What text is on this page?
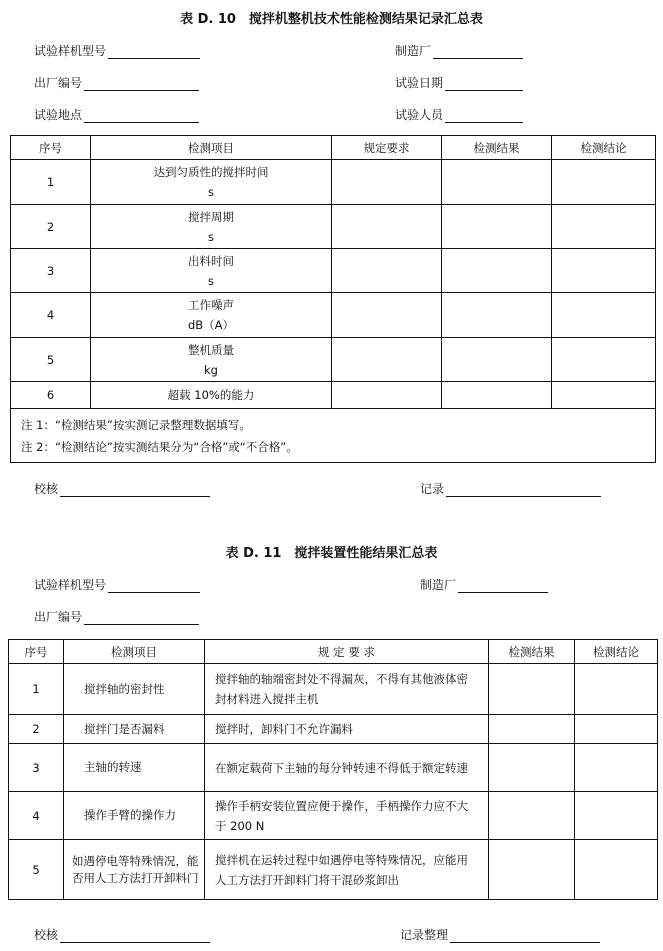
表 D. 10　搅拌机整机技术性能检测结果记录汇总表
试验样机型号	制造厂
出厂编号	试验日期
试验地点	试验人员
序号	检测项目	规定要求	检测结果	检测结论
1	达到匀质性的搅拌时间
s			

2	搅拌周期
s			

3	出料时间
s			

4	工作噪声
dB（A）			

5	整机质量
kg			

6	超载 10%的能力			

注 1：“检测结果”按实测记录整理数据填写。
注 2：“检测结论”按实测结果分为“合格”或“不合格”。				
校核	记录
表 D. 11　搅拌装置性能结果汇总表
试验样机型号	制造厂
出厂编号
序号	检测项目	规 定 要 求	检测结果	检测结论
1	搅拌轴的密封性	搅拌轴的轴端密封处不得漏灰，不得有其他液体密封材料进入搅拌主机		
2	搅拌门是否漏料	搅拌时，卸料门不允许漏料		
3	主轴的转速	在额定载荷下主轴的每分钟转速不得低于额定转速		
4	操作手臂的操作力	操作手柄安装位置应便于操作，手柄操作力应不大于 200 N		
5	如遇停电等特殊情况，能否用人工方法打开卸料门	搅拌机在运转过程中如遇停电等特殊情况，应能用人工方法打开卸料门将干混砂浆卸出		
校核	记录整理
